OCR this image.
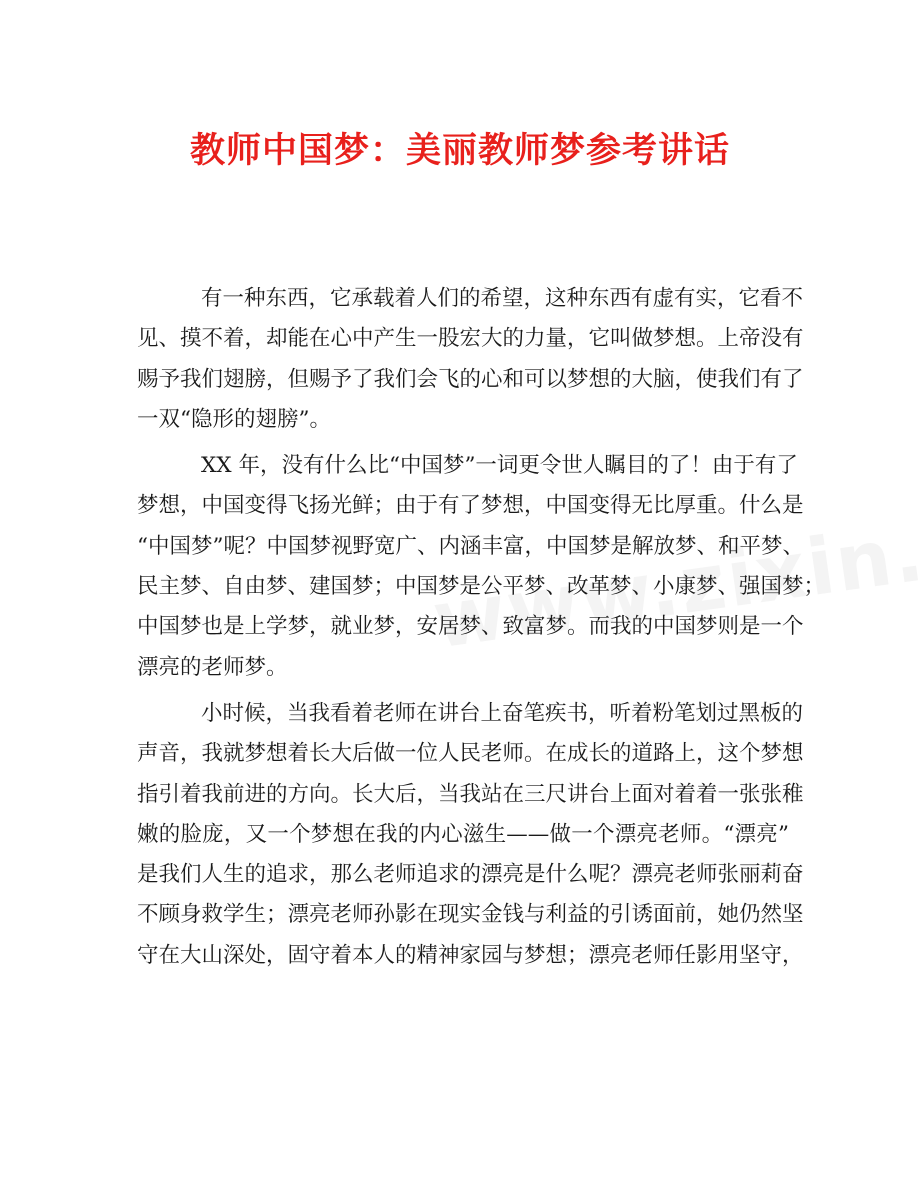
教师中国梦：美丽教师梦参考讲话
有一种东西，它承载着人们的希望，这种东西有虚有实，它看不
见、摸不着，却能在心中产生一股宏大的力量，它叫做梦想。上帝没有
赐予我们翅膀，但赐予了我们会飞的心和可以梦想的大脑，使我们有了
一双“隐形的翅膀”。
XX 年，没有什么比“中国梦”一词更令世人瞩目的了！由于有了
梦想，中国变得飞扬光鲜；由于有了梦想，中国变得无比厚重。什么是
“中国梦”呢？中国梦视野宽广、内涵丰富，中国梦是解放梦、和平梦、
民主梦、自由梦、建国梦；中国梦是公平梦、改革梦、小康梦、强国梦；
中国梦也是上学梦，就业梦，安居梦、致富梦。而我的中国梦则是一个
漂亮的老师梦。
小时候，当我看着老师在讲台上奋笔疾书，听着粉笔划过黑板的
声音，我就梦想着长大后做一位人民老师。在成长的道路上，这个梦想
指引着我前进的方向。长大后，当我站在三尺讲台上面对着着一张张稚
嫩的脸庞，又一个梦想在我的内心滋生——做一个漂亮老师。“漂亮”
是我们人生的追求，那么老师追求的漂亮是什么呢？漂亮老师张丽莉奋
不顾身救学生；漂亮老师孙影在现实金钱与利益的引诱面前，她仍然坚
守在大山深处，固守着本人的精神家园与梦想；漂亮老师任影用坚守，
